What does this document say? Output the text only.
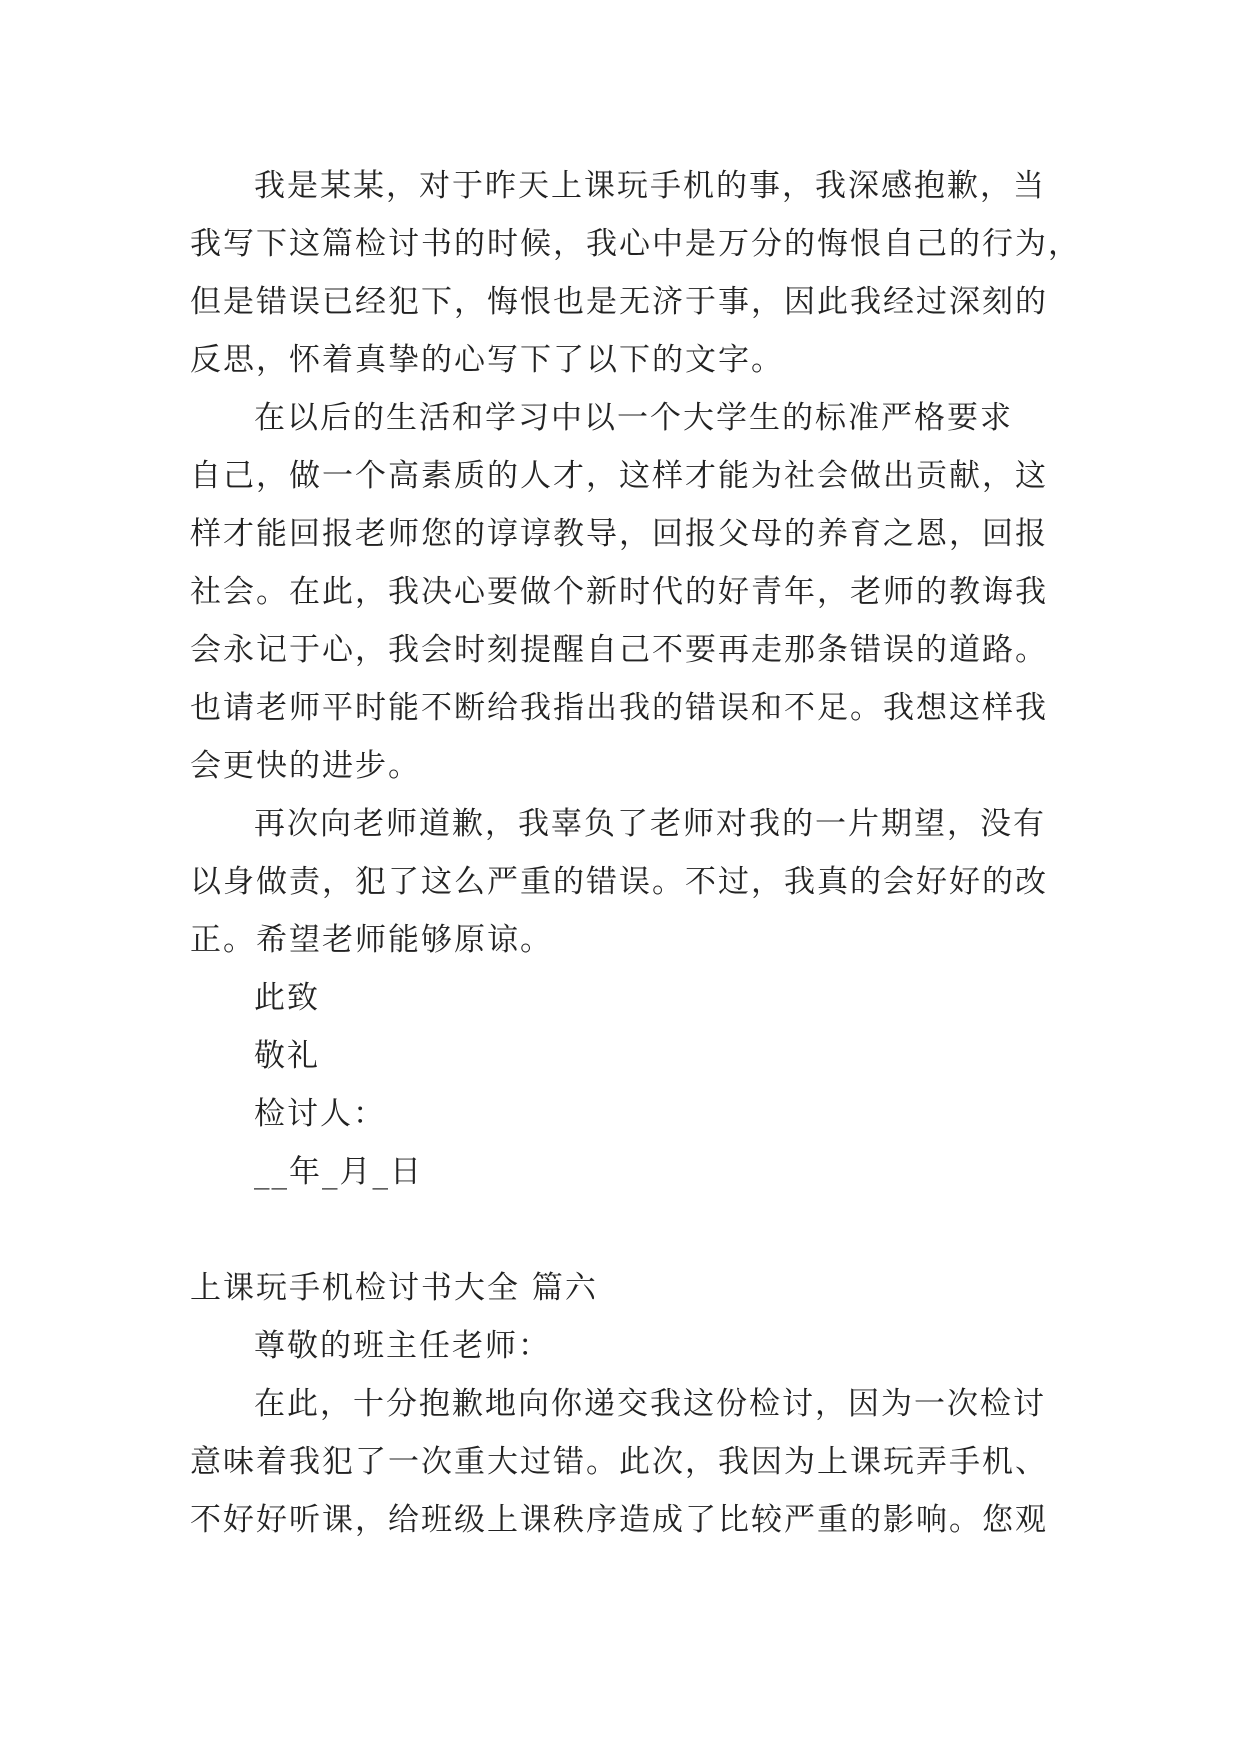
我是某某，对于昨天上课玩手机的事，我深感抱歉，当
我写下这篇检讨书的时候，我心中是万分的悔恨自己的行为，
但是错误已经犯下，悔恨也是无济于事，因此我经过深刻的
反思，怀着真挚的心写下了以下的文字。
在以后的生活和学习中以一个大学生的标准严格要求
自己，做一个高素质的人才，这样才能为社会做出贡献，这
样才能回报老师您的谆谆教导，回报父母的养育之恩，回报
社会。在此，我决心要做个新时代的好青年，老师的教诲我
会永记于心，我会时刻提醒自己不要再走那条错误的道路。
也请老师平时能不断给我指出我的错误和不足。我想这样我
会更快的进步。
再次向老师道歉，我辜负了老师对我的一片期望，没有
以身做责，犯了这么严重的错误。不过，我真的会好好的改
正。希望老师能够原谅。
此致
敬礼
检讨人：
__年_月_日
上课玩手机检讨书大全 篇六
尊敬的班主任老师：
在此，十分抱歉地向你递交我这份检讨，因为一次检讨
意味着我犯了一次重大过错。此次，我因为上课玩弄手机、
不好好听课，给班级上课秩序造成了比较严重的影响。您观
